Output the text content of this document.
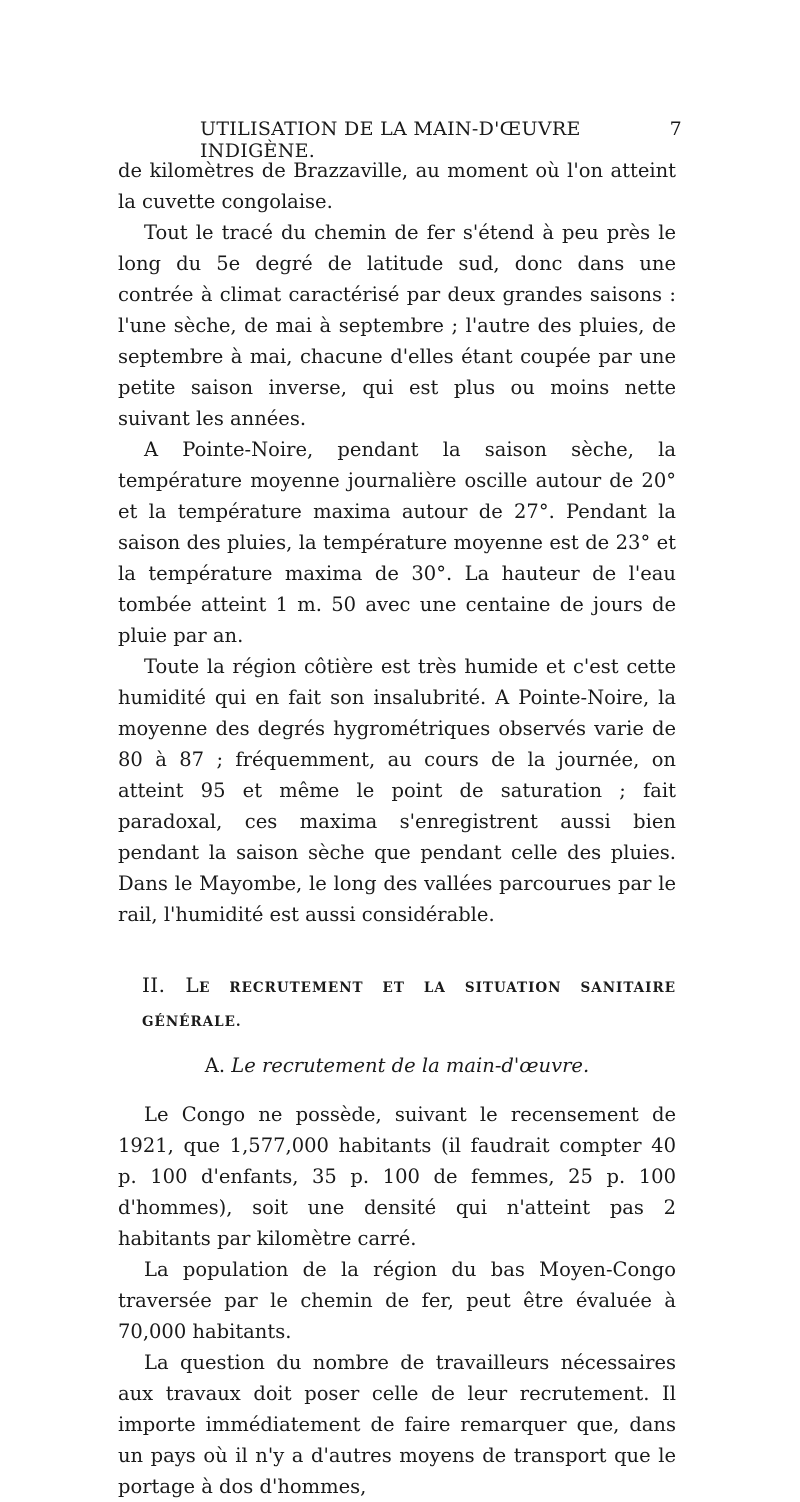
UTILISATION DE LA MAIN-D'ŒUVRE INDIGÈNE.
7

de kilomètres de Brazzaville, au moment où l'on atteint la cuvette congolaise.

Tout le tracé du chemin de fer s'étend à peu près le long du 5e degré de latitude sud, donc dans une contrée à climat caractérisé par deux grandes saisons : l'une sèche, de mai à septembre ; l'autre des pluies, de septembre à mai, chacune d'elles étant coupée par une petite saison inverse, qui est plus ou moins nette suivant les années.

A Pointe-Noire, pendant la saison sèche, la température moyenne journalière oscille autour de 20° et la température maxima autour de 27°. Pendant la saison des pluies, la température moyenne est de 23° et la température maxima de 30°. La hauteur de l'eau tombée atteint 1 m. 50 avec une centaine de jours de pluie par an.

Toute la région côtière est très humide et c'est cette humidité qui en fait son insalubrité. A Pointe-Noire, la moyenne des degrés hygrométriques observés varie de 80 à 87 ; fréquemment, au cours de la journée, on atteint 95 et même le point de saturation ; fait paradoxal, ces maxima s'enregistrent aussi bien pendant la saison sèche que pendant celle des pluies. Dans le Mayombe, le long des vallées parcourues par le rail, l'humidité est aussi considérable.

II. LE RECRUTEMENT ET LA SITUATION SANITAIRE GÉNÉRALE.
A. Le recrutement de la main-d'œuvre.

Le Congo ne possède, suivant le recensement de 1921, que 1,577,000 habitants (il faudrait compter 40 p. 100 d'enfants, 35 p. 100 de femmes, 25 p. 100 d'hommes), soit une densité qui n'atteint pas 2 habitants par kilomètre carré.

La population de la région du bas Moyen-Congo traversée par le chemin de fer, peut être évaluée à 70,000 habitants.

La question du nombre de travailleurs nécessaires aux travaux doit poser celle de leur recrutement. Il importe immédiatement de faire remarquer que, dans un pays où il n'y a d'autres moyens de transport que le portage à dos d'hommes,
